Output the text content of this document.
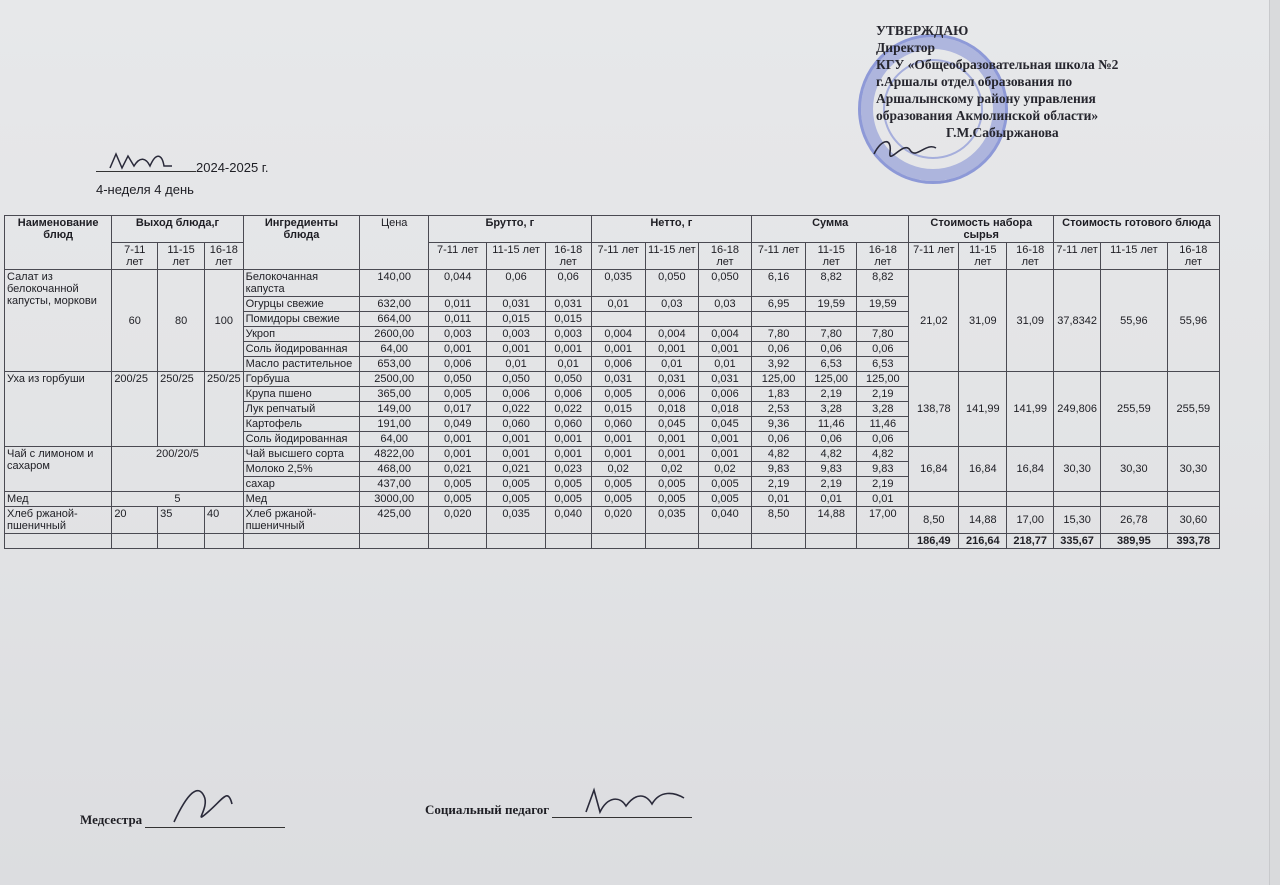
УТВЕРЖДАЮ
Директор
КГУ «Общеобразовательная школа №2
г.Аршалы отдел образования по
Аршалынскому району управления
образования Акмолинской области»
Г.М.Сабыржанова
2024-2025 г.
4-неделя 4 день
Наименование блюд	Выход блюда,г			Ингредиенты блюда	Цена	Брутто, г			Нетто, г			Сумма			Стоимость набора сырья			Стоимость готового блюда		
	7-11 лет	11-15 лет	16-18 лет			7-11 лет	11-15 лет	16-18 лет	7-11 лет	11-15 лет	16-18 лет	7-11 лет	11-15 лет	16-18 лет	7-11 лет	11-15 лет	16-18 лет	7-11 лет	11-15 лет	16-18 лет
Салат из белокочанной капусты, моркови	60	80	100	Белокочанная капуста	140,00	0,044	0,06	0,06	0,035	0,050	0,050	6,16	8,82	8,82	21,02	31,09	31,09	37,8342	55,96	55,96
				Огурцы свежие	632,00	0,011	0,031	0,031	0,01	0,03	0,03	6,95	19,59	19,59						
				Помидоры свежие	664,00	0,011	0,015	0,015												
				Укроп	2600,00	0,003	0,003	0,003	0,004	0,004	0,004	7,80	7,80	7,80						
				Соль йодированная	64,00	0,001	0,001	0,001	0,001	0,001	0,001	0,06	0,06	0,06						
				Масло растительное	653,00	0,006	0,01	0,01	0,006	0,01	0,01	3,92	6,53	6,53						
Уха из горбуши	200/25	250/25	250/25	Горбуша	2500,00	0,050	0,050	0,050	0,031	0,031	0,031	125,00	125,00	125,00	138,78	141,99	141,99	249,806	255,59	255,59
				Крупа пшено	365,00	0,005	0,006	0,006	0,005	0,006	0,006	1,83	2,19	2,19						
				Лук репчатый	149,00	0,017	0,022	0,022	0,015	0,018	0,018	2,53	3,28	3,28						
				Картофель	191,00	0,049	0,060	0,060	0,060	0,045	0,045	9,36	11,46	11,46						
				Соль йодированная	64,00	0,001	0,001	0,001	0,001	0,001	0,001	0,06	0,06	0,06						
Чай с лимоном и сахаром	200/20/5			Чай высшего сорта	4822,00	0,001	0,001	0,001	0,001	0,001	0,001	4,82	4,82	4,82	16,84	16,84	16,84	30,30	30,30	30,30
				Молоко 2,5%	468,00	0,021	0,021	0,023	0,02	0,02	0,02	9,83	9,83	9,83						
				сахар	437,00	0,005	0,005	0,005	0,005	0,005	0,005	2,19	2,19	2,19						
Мед	5			Мед	3000,00	0,005	0,005	0,005	0,005	0,005	0,005	0,01	0,01	0,01						
Хлеб ржаной-пшеничный	20	35	40	Хлеб ржаной-пшеничный	425,00	0,020	0,035	0,040	0,020	0,035	0,040	8,50	14,88	17,00	8,50	14,88	17,00	15,30	26,78	30,60
															186,49	216,64	218,77	335,67	389,95	393,78
Медсестра
Социальный педагог
